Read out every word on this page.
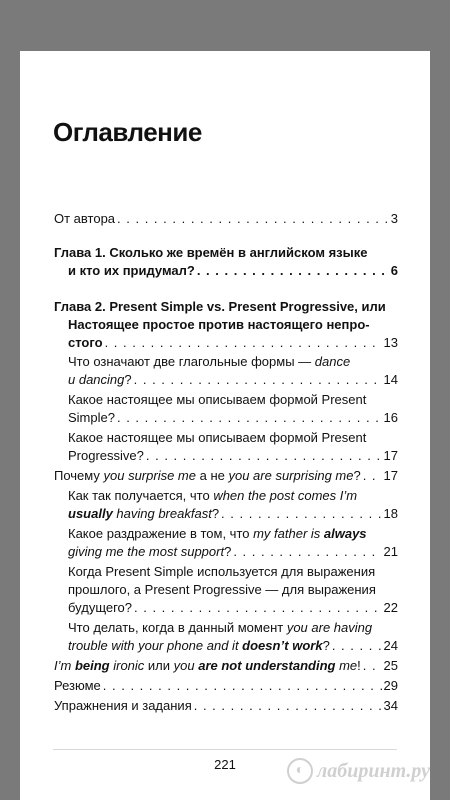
Оглавление
От автора . . .	3
Глава 1. Сколько же времён в английском языке
и кто их придумал? . . .	6
Глава 2. Present Simple vs. Present Progressive, или
Настоящее простое против настоящего непро-
стого . . .	13
Что означают две глагольные формы — dance
и dancing? . . .	14
Какое настоящее мы описываем формой Present
Simple? . . .	16
Какое настоящее мы описываем формой Present
Progressive? . . .	17
Почему you surprise me а не you are surprising me? . . . 17
Как так получается, что when the post comes I’m
usually having breakfast? . . .	18
Какое раздражение в том, что my father is always
giving me the most support? . . .	21
Когда Present Simple используется для выражения
прошлого, а Present Progressive — для выражения
будущего? . . .	22
Что делать, когда в данный момент you are having
trouble with your phone and it doesn’t work? . . .	24
I’m being ironic или you are not understanding me! . . . 25
Резюме . . .	29
Упражнения и задания . . .	34
221	◐ лабиринт.ру
